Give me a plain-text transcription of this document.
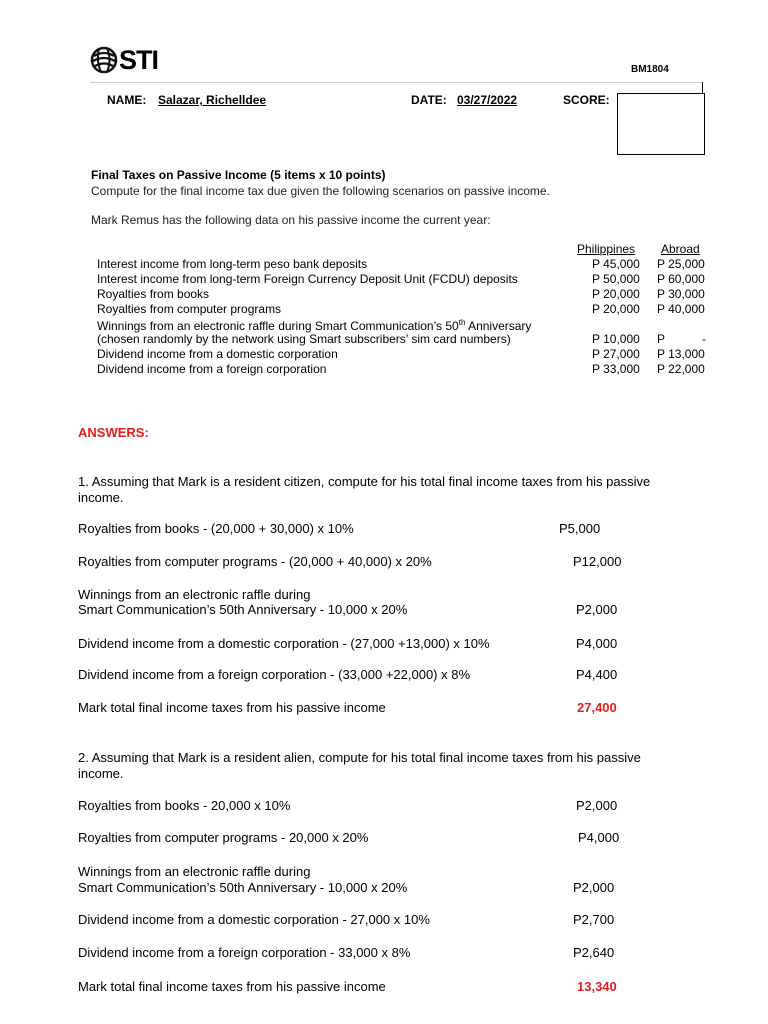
STI	BM1804
NAME: Salazar, Richelldee	DATE: 03/27/2022	SCORE:
Final Taxes on Passive Income (5 items x 10 points)
Compute for the final income tax due given the following scenarios on passive income.
Mark Remus has the following data on his passive income the current year:
Philippines Abroad
Interest income from long-term peso bank deposits	P 45,000 P 25,000
Interest income from long-term Foreign Currency Deposit Unit (FCDU) deposits	P 50,000 P 60,000
Royalties from books	P 20,000 P 30,000
Royalties from computer programs	P 20,000 P 40,000
Winnings from an electronic raffle during Smart Communication’s 50th Anniversary
(chosen randomly by the network using Smart subscribers’ sim card numbers)	P 10,000 P	-
Dividend income from a domestic corporation	P 27,000 P 13,000
Dividend income from a foreign corporation	P 33,000 P 22,000
ANSWERS:
1. Assuming that Mark is a resident citizen, compute for his total final income taxes from his passive
income.
Royalties from books - (20,000 + 30,000) x 10%	P5,000
Royalties from computer programs - (20,000 + 40,000) x 20%	P12,000
Winnings from an electronic raffle during
Smart Communication’s 50th Anniversary - 10,000 x 20%	P2,000
Dividend income from a domestic corporation - (27,000 +13,000) x 10%	P4,000
Dividend income from a foreign corporation - (33,000 +22,000) x 8%	P4,400
Mark total final income taxes from his passive income	27,400
2. Assuming that Mark is a resident alien, compute for his total final income taxes from his passive
income.
Royalties from books - 20,000 x 10%	P2,000
Royalties from computer programs - 20,000 x 20%	P4,000
Winnings from an electronic raffle during
Smart Communication’s 50th Anniversary - 10,000 x 20%	P2,000
Dividend income from a domestic corporation - 27,000 x 10%	P2,700
Dividend income from a foreign corporation - 33,000 x 8%	P2,640
Mark total final income taxes from his passive income	13,340
